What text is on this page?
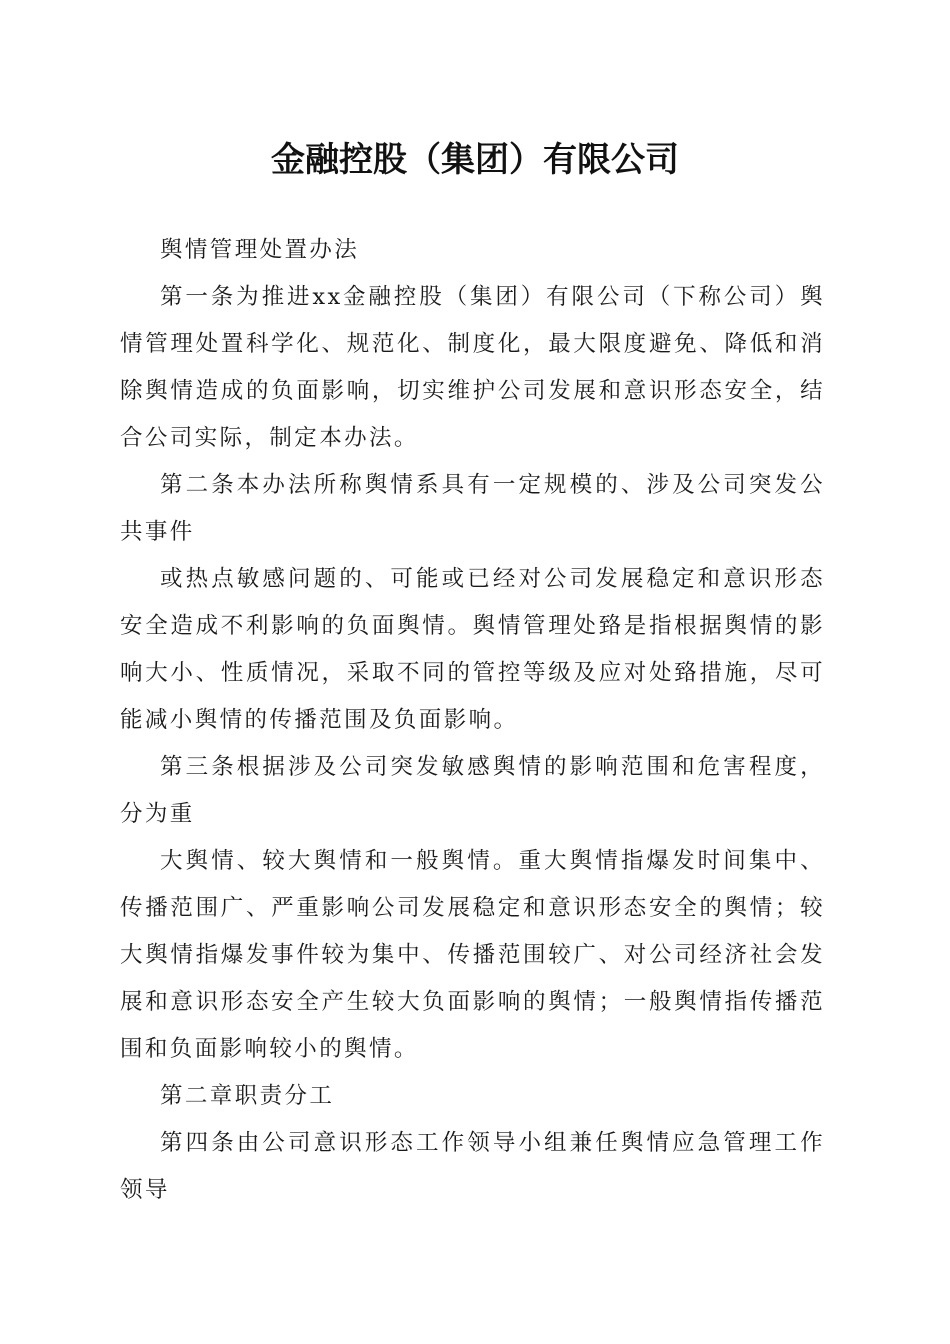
金融控股（集团）有限公司

舆情管理处置办法

第一条为推进xx金融控股（集团）有限公司（下称公司）舆情管理处置科学化、规范化、制度化，最大限度避免、降低和消除舆情造成的负面影响，切实维护公司发展和意识形态安全，结合公司实际，制定本办法。

第二条本办法所称舆情系具有一定规模的、涉及公司突发公共事件

或热点敏感问题的、可能或已经对公司发展稳定和意识形态安全造成不利影响的负面舆情。舆情管理处臵是指根据舆情的影响大小、性质情况，采取不同的管控等级及应对处臵措施，尽可能减小舆情的传播范围及负面影响。

第三条根据涉及公司突发敏感舆情的影响范围和危害程度，分为重

大舆情、较大舆情和一般舆情。重大舆情指爆发时间集中、传播范围广、严重影响公司发展稳定和意识形态安全的舆情；较大舆情指爆发事件较为集中、传播范围较广、对公司经济社会发展和意识形态安全产生较大负面影响的舆情；一般舆情指传播范围和负面影响较小的舆情。

第二章职责分工

第四条由公司意识形态工作领导小组兼任舆情应急管理工作领导
